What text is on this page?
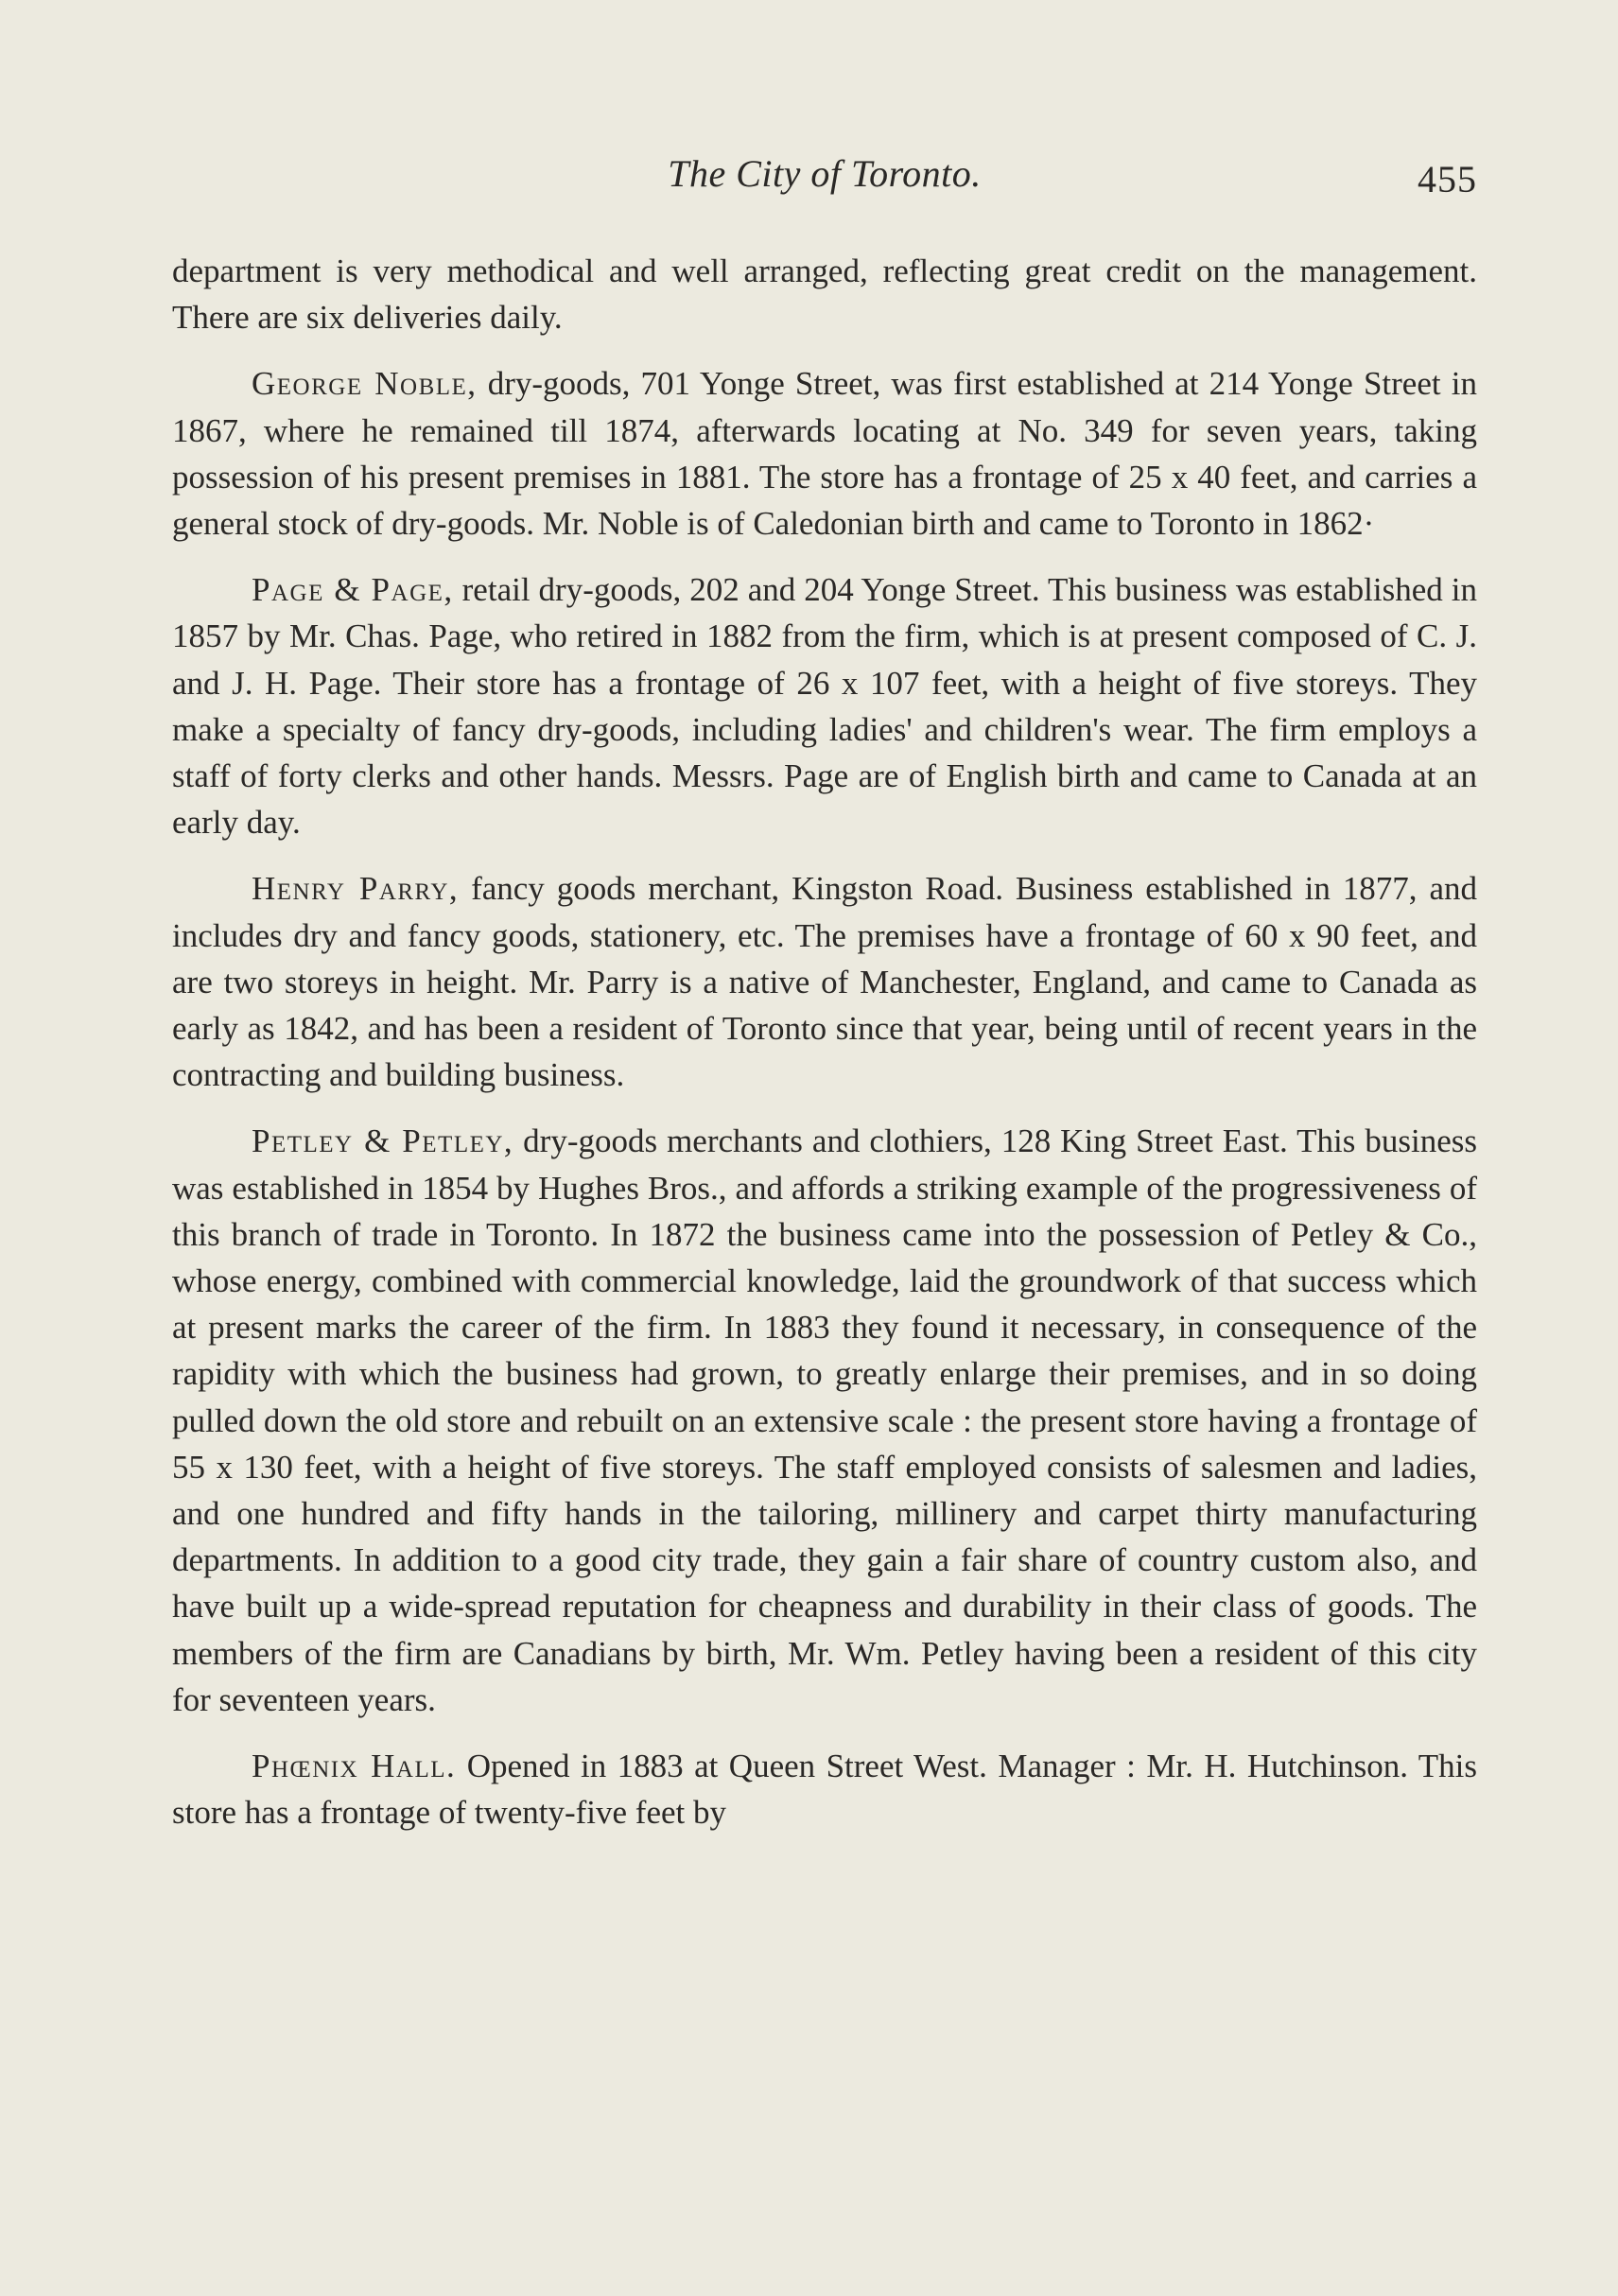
The City of Toronto.	455

department is very methodical and well arranged, reflecting great credit on the management. There are six deliveries daily.

George Noble, dry-goods, 701 Yonge Street, was first established at 214 Yonge Street in 1867, where he remained till 1874, afterwards locating at No. 349 for seven years, taking possession of his present premises in 1881. The store has a frontage of 25 x 40 feet, and carries a general stock of dry-goods. Mr. Noble is of Caledonian birth and came to Toronto in 1862·

Page & Page, retail dry-goods, 202 and 204 Yonge Street. This business was established in 1857 by Mr. Chas. Page, who retired in 1882 from the firm, which is at present composed of C. J. and J. H. Page. Their store has a frontage of 26 x 107 feet, with a height of five storeys. They make a specialty of fancy dry-goods, including ladies' and children's wear. The firm employs a staff of forty clerks and other hands. Messrs. Page are of English birth and came to Canada at an early day.

Henry Parry, fancy goods merchant, Kingston Road. Business established in 1877, and includes dry and fancy goods, stationery, etc. The premises have a frontage of 60 x 90 feet, and are two storeys in height. Mr. Parry is a native of Manchester, England, and came to Canada as early as 1842, and has been a resident of Toronto since that year, being until of recent years in the contracting and building business.

Petley & Petley, dry-goods merchants and clothiers, 128 King Street East. This business was established in 1854 by Hughes Bros., and affords a striking example of the progressiveness of this branch of trade in Toronto. In 1872 the business came into the possession of Petley & Co., whose energy, combined with commercial knowledge, laid the groundwork of that success which at present marks the career of the firm. In 1883 they found it necessary, in consequence of the rapidity with which the business had grown, to greatly enlarge their premises, and in so doing pulled down the old store and rebuilt on an extensive scale : the present store having a frontage of 55 x 130 feet, with a height of five storeys. The staff employed consists of salesmen and ladies, and one hundred and fifty hands in the tailoring, millinery and carpet thirty manufacturing departments. In addition to a good city trade, they gain a fair share of country custom also, and have built up a wide-spread reputation for cheapness and durability in their class of goods. The members of the firm are Canadians by birth, Mr. Wm. Petley having been a resident of this city for seventeen years.

Phœnix Hall. Opened in 1883 at Queen Street West. Manager : Mr. H. Hutchinson. This store has a frontage of twenty-five feet by
